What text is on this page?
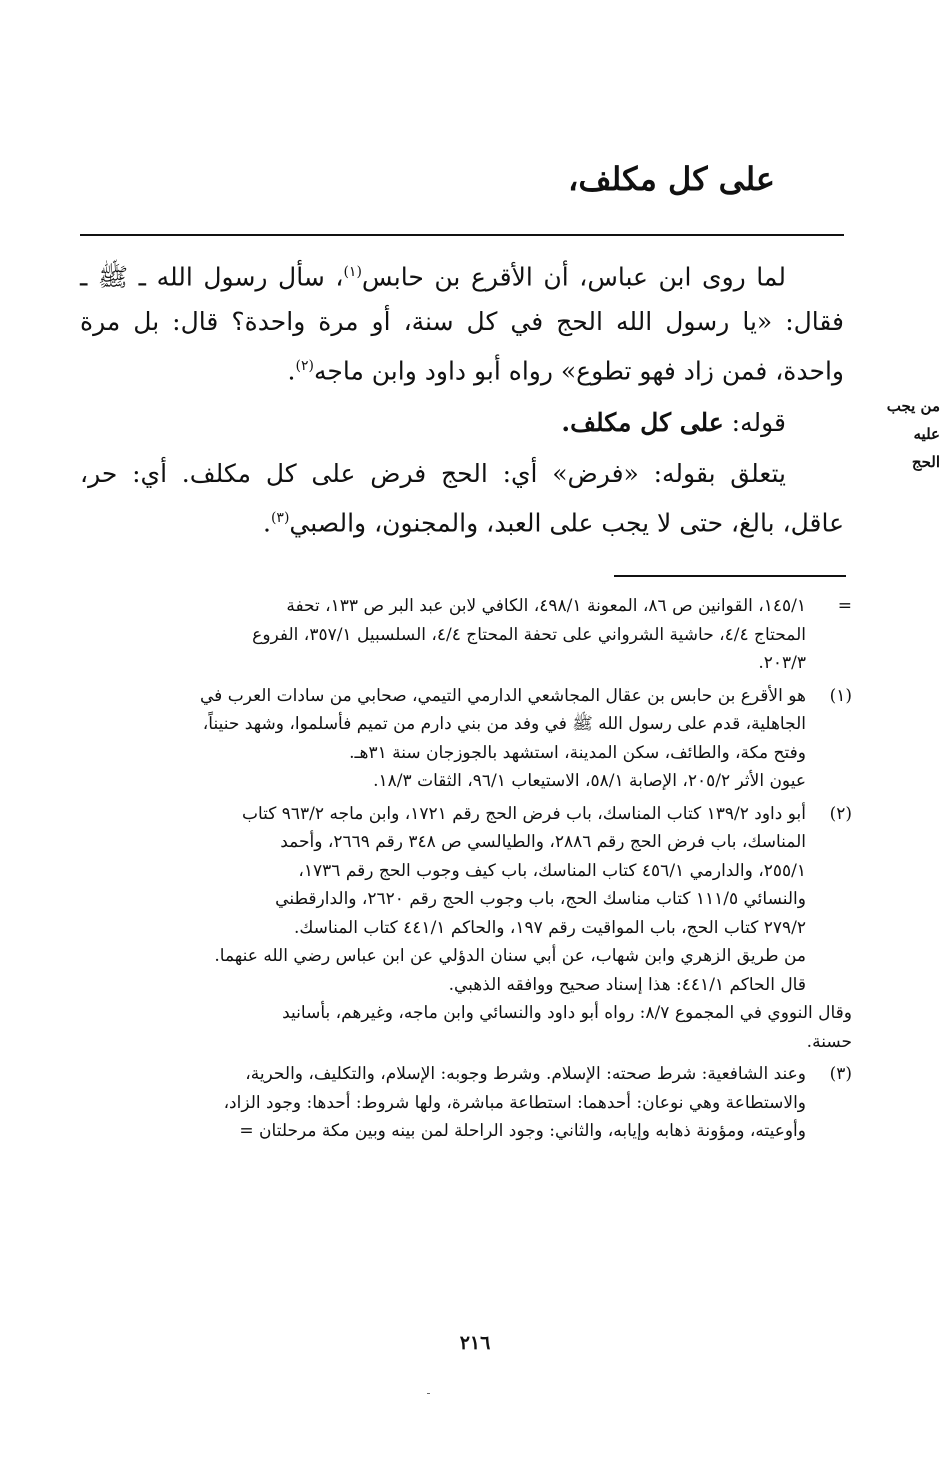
على كل مكلف،
من يجب
عليه
الحج

لما روى ابن عباس، أن الأقرع بن حابس$^{(١)}$، سأل رسول الله ـ ﷺ ـ فقال: «يا رسول الله الحج في كل سنة، أو مرة واحدة؟ قال: بل مرة واحدة، فمن زاد فهو تطوع» رواه أبو داود وابن ماجه$^{(٢)}$.

قوله: على كل مكلف.

يتعلق بقوله: «فرض» أي: الحج فرض على كل مكلف. أي: حر، عاقل، بالغ، حتى لا يجب على العبد، والمجنون، والصبي$^{(٣)}$.

=
١٤٥/١، القوانين ص ٨٦، المعونة ٤٩٨/١، الكافي لابن عبد البر ص ١٣٣، تحفة
المحتاج ٤/٤، حاشية الشرواني على تحفة المحتاج ٤/٤، السلسبيل ٣٥٧/١، الفروع
٢٠٣/٣.
(١)
هو الأقرع بن حابس بن عقال المجاشعي الدارمي التيمي، صحابي من سادات العرب في
الجاهلية، قدم على رسول الله ﷺ في وفد من بني دارم من تميم فأسلموا، وشهد حنيناً،
وفتح مكة، والطائف، سكن المدينة، استشهد بالجوزجان سنة ٣١هـ.
عيون الأثر ٢٠٥/٢، الإصابة ٥٨/١، الاستيعاب ٩٦/١، الثقات ١٨/٣.
(٢)
أبو داود ١٣٩/٢ كتاب المناسك، باب فرض الحج رقم ١٧٢١، وابن ماجه ٩٦٣/٢ كتاب
المناسك، باب فرض الحج رقم ٢٨٨٦، والطيالسي ص ٣٤٨ رقم ٢٦٦٩، وأحمد
٢٥٥/١، والدارمي ٤٥٦/١ كتاب المناسك، باب كيف وجوب الحج رقم ١٧٣٦،
والنسائي ١١١/٥ كتاب مناسك الحج، باب وجوب الحج رقم ٢٦٢٠، والدارقطني
٢٧٩/٢ كتاب الحج، باب المواقيت رقم ١٩٧، والحاكم ٤٤١/١ كتاب المناسك.
من طريق الزهري وابن شهاب، عن أبي سنان الدؤلي عن ابن عباس رضي الله عنهما.
قال الحاكم ٤٤١/١: هذا إسناد صحيح ووافقه الذهبي.
وقال النووي في المجموع ٨/٧: رواه أبو داود والنسائي وابن ماجه، وغيرهم، بأسانيد
حسنة.
(٣)
وعند الشافعية: شرط صحته: الإسلام. وشرط وجوبه: الإسلام، والتكليف، والحرية،
والاستطاعة وهي نوعان: أحدهما: استطاعة مباشرة، ولها شروط: أحدها: وجود الزاد،
وأوعيته، ومؤونة ذهابه وإيابه، والثاني: وجود الراحلة لمن بينه وبين مكة مرحلتان =
٢١٦
